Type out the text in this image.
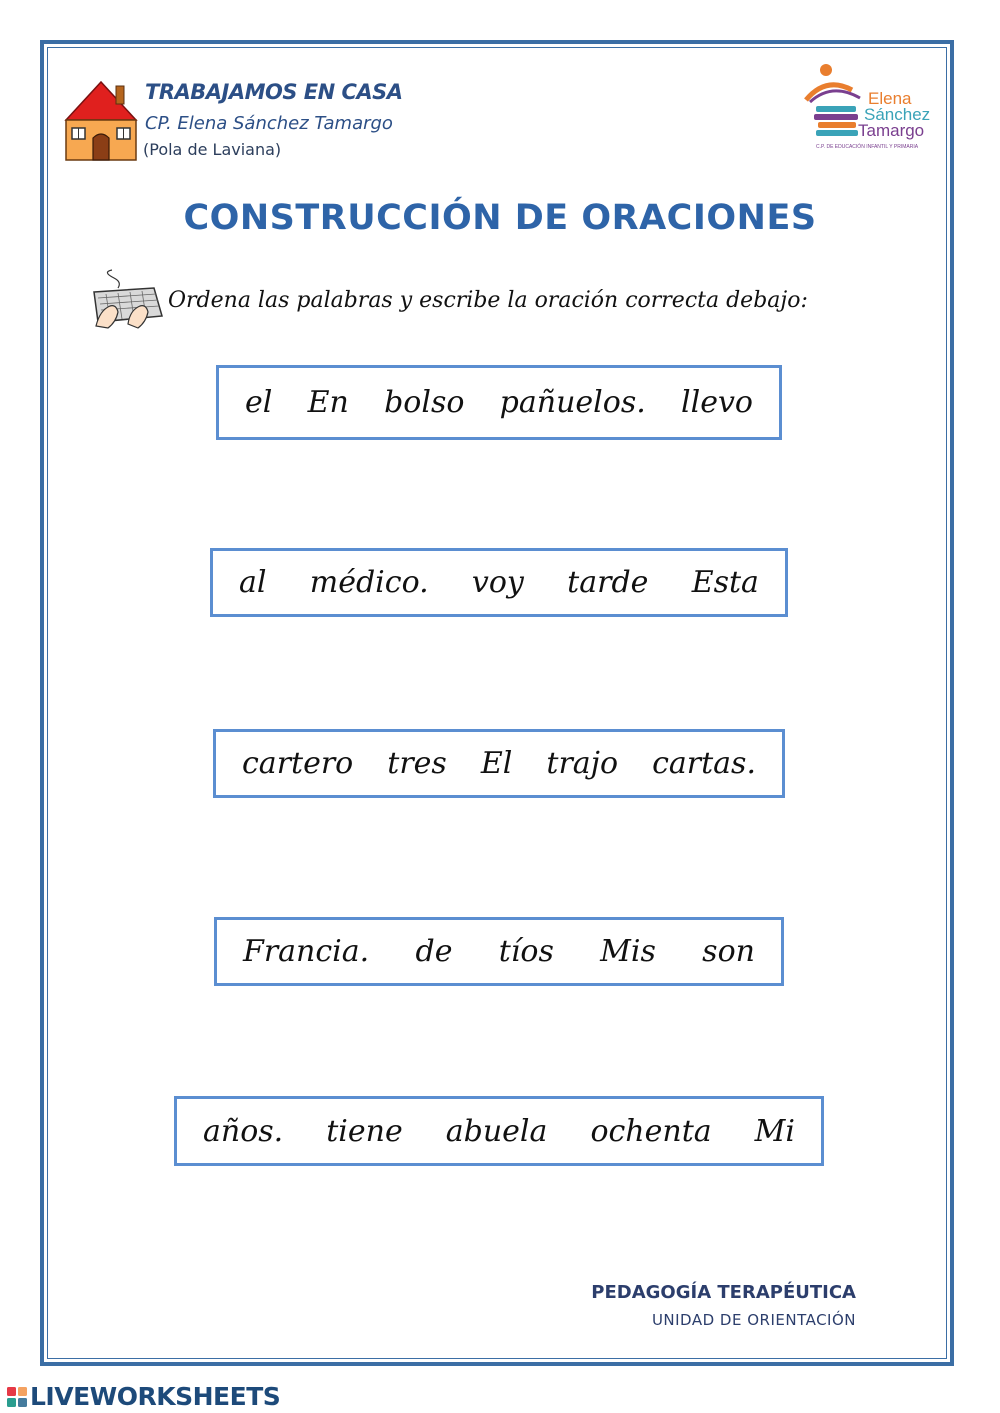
TRABAJAMOS EN CASA
CP. Elena Sánchez Tamargo
(Pola de Laviana)
Elena
Sánchez
Tamargo
C.P. DE EDUCACIÓN INFANTIL Y PRIMARIA
CONSTRUCCIÓN DE ORACIONES
Ordena las palabras y escribe la oración correcta debajo:
el En bolso pañuelos. llevo
al médico. voy tarde Esta
cartero tres El trajo cartas.
Francia. de tíos Mis son
años. tiene abuela ochenta Mi
PEDAGOGÍA TERAPÉUTICA
UNIDAD DE ORIENTACIÓN
LIVEWORKSHEETS
